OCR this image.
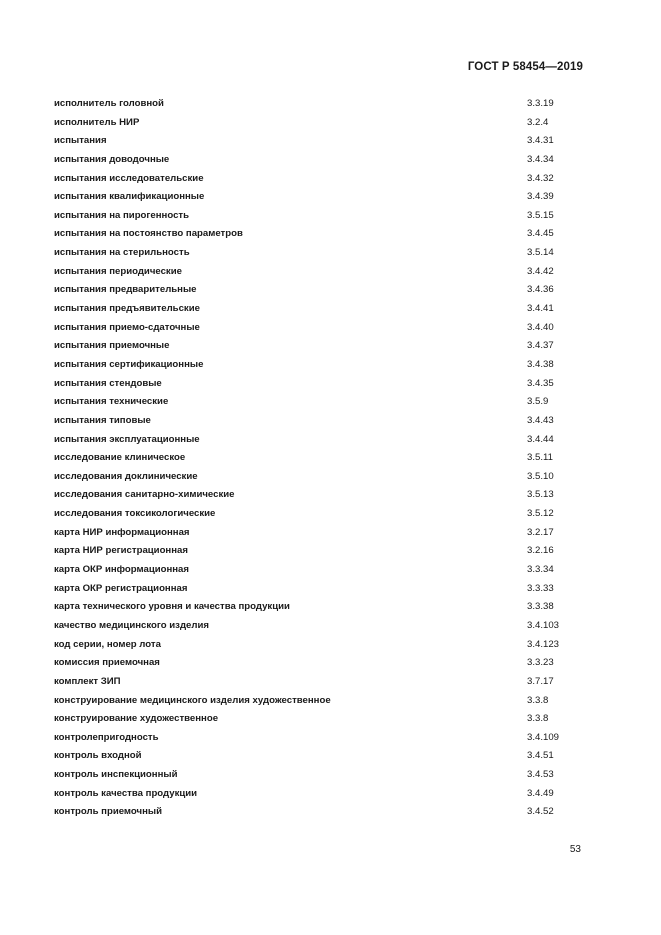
ГОСТ Р 58454—2019
исполнитель головной	3.3.19
исполнитель НИР	3.2.4
испытания	3.4.31
испытания доводочные	3.4.34
испытания исследовательские	3.4.32
испытания квалификационные	3.4.39
испытания на пирогенность	3.5.15
испытания на постоянство параметров	3.4.45
испытания на стерильность	3.5.14
испытания периодические	3.4.42
испытания предварительные	3.4.36
испытания предъявительские	3.4.41
испытания приемо-сдаточные	3.4.40
испытания приемочные	3.4.37
испытания сертификационные	3.4.38
испытания стендовые	3.4.35
испытания технические	3.5.9
испытания типовые	3.4.43
испытания эксплуатационные	3.4.44
исследование клиническое	3.5.11
исследования доклинические	3.5.10
исследования санитарно-химические	3.5.13
исследования токсикологические	3.5.12
карта НИР информационная	3.2.17
карта НИР регистрационная	3.2.16
карта ОКР информационная	3.3.34
карта ОКР регистрационная	3.3.33
карта технического уровня и качества продукции	3.3.38
качество медицинского изделия	3.4.103
код серии, номер лота	3.4.123
комиссия приемочная	3.3.23
комплект ЗИП	3.7.17
конструирование медицинского изделия художественное	3.3.8
конструирование художественное	3.3.8
контролепригодность	3.4.109
контроль входной	3.4.51
контроль инспекционный	3.4.53
контроль качества продукции	3.4.49
контроль приемочный	3.4.52
53
